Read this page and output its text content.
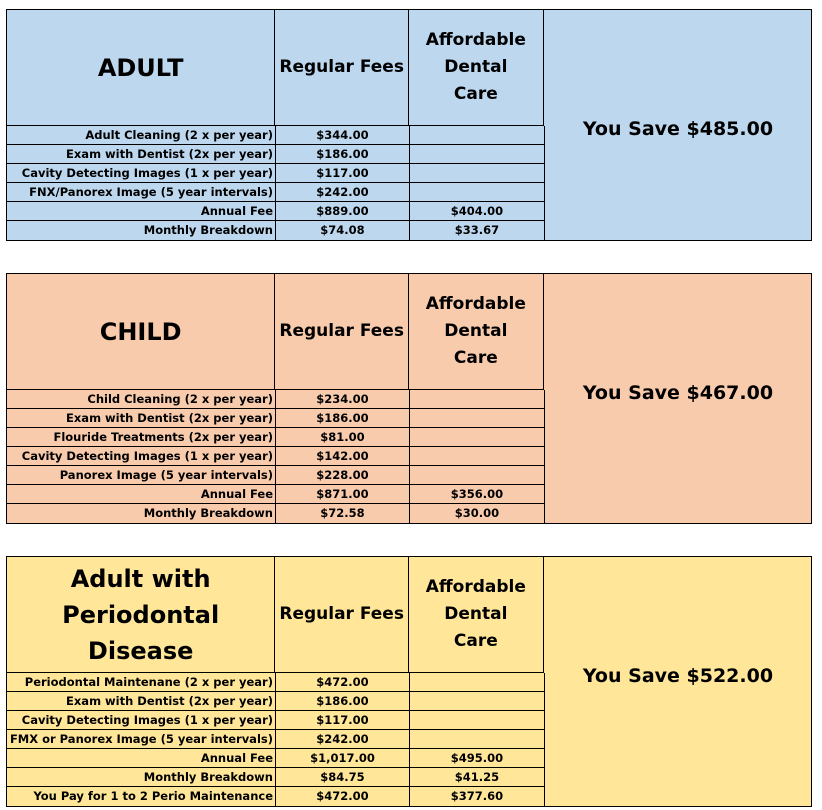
ADULT	Regular Fees
Affordable Dental Care
Adult Cleaning (2 x per year)	$344.00
Exam with Dentist (2x per year)	$186.00
Cavity Detecting Images (1 x per year)	$117.00
FNX/Panorex Image (5 year intervals)	$242.00
Annual Fee	$889.00	$404.00
Monthly Breakdown	$74.08	$33.67
You Save $485.00
CHILD	Regular Fees
Affordable Dental Care
Child Cleaning (2 x per year)	$234.00
Exam with Dentist (2x per year)	$186.00
Flouride Treatments (2x per year)	$81.00
Cavity Detecting Images (1 x per year)	$142.00
Panorex Image (5 year intervals)	$228.00
Annual Fee	$871.00	$356.00
Monthly Breakdown	$72.58	$30.00
You Save $467.00
Adult with Periodontal Disease
Regular Fees
Affordable Dental Care
Periodontal Maintenane (2 x per year)	$472.00
Exam with Dentist (2x per year)	$186.00
Cavity Detecting Images (1 x per year)	$117.00
FMX or Panorex Image (5 year intervals)	$242.00
Annual Fee	$1,017.00	$495.00
Monthly Breakdown	$84.75	$41.25
You Pay for 1 to 2 Perio Maintenance	$472.00	$377.60
You Save $522.00
